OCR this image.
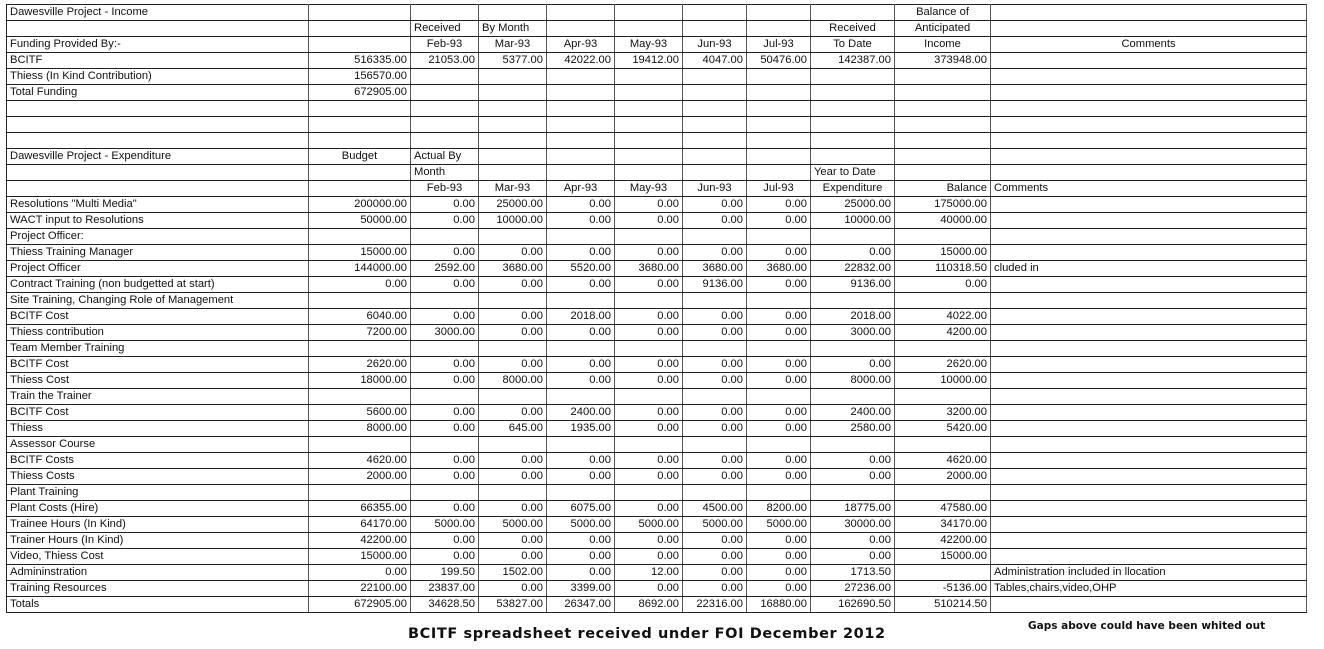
Dawesville Project - Income									Balance of	
		Received	By Month					Received	Anticipated	
Funding Provided By:-		Feb-93	Mar-93	Apr-93	May-93	Jun-93	Jul-93	To Date	Income	Comments
BCITF	516335.00	21053.00	5377.00	42022.00	19412.00	4047.00	50476.00	142387.00	373948.00	
Thiess (In Kind Contribution)	156570.00									
Total Funding	672905.00									

Dawesville Project - Expenditure	Budget	Actual By								
		Month						Year to Date		
		Feb-93	Mar-93	Apr-93	May-93	Jun-93	Jul-93	Expenditure	Balance	Comments
Resolutions "Multi Media"	200000.00	0.00	25000.00	0.00	0.00	0.00	0.00	25000.00	175000.00	
WACT input to Resolutions	50000.00	0.00	10000.00	0.00	0.00	0.00	0.00	10000.00	40000.00	
Project Officer:										
Thiess Training Manager	15000.00	0.00	0.00	0.00	0.00	0.00	0.00	0.00	15000.00	
Project Officer	144000.00	2592.00	3680.00	5520.00	3680.00	3680.00	3680.00	22832.00	110318.50	cluded in
Contract Training (non budgetted at start)	0.00	0.00	0.00	0.00	0.00	9136.00	0.00	9136.00	0.00	
Site Training, Changing Role of Management										
BCITF Cost	6040.00	0.00	0.00	2018.00	0.00	0.00	0.00	2018.00	4022.00	
Thiess contribution	7200.00	3000.00	0.00	0.00	0.00	0.00	0.00	3000.00	4200.00	
Team Member Training										
BCITF Cost	2620.00	0.00	0.00	0.00	0.00	0.00	0.00	0.00	2620.00	
Thiess Cost	18000.00	0.00	8000.00	0.00	0.00	0.00	0.00	8000.00	10000.00	
Train the Trainer										
BCITF Cost	5600.00	0.00	0.00	2400.00	0.00	0.00	0.00	2400.00	3200.00	
Thiess	8000.00	0.00	645.00	1935.00	0.00	0.00	0.00	2580.00	5420.00	
Assessor Course										
BCITF Costs	4620.00	0.00	0.00	0.00	0.00	0.00	0.00	0.00	4620.00	
Thiess Costs	2000.00	0.00	0.00	0.00	0.00	0.00	0.00	0.00	2000.00	
Plant Training										
Plant Costs (Hire)	66355.00	0.00	0.00	6075.00	0.00	4500.00	8200.00	18775.00	47580.00	
Trainee Hours (In Kind)	64170.00	5000.00	5000.00	5000.00	5000.00	5000.00	5000.00	30000.00	34170.00	
Trainer Hours (In Kind)	42200.00	0.00	0.00	0.00	0.00	0.00	0.00	0.00	42200.00	
Video, Thiess Cost	15000.00	0.00	0.00	0.00	0.00	0.00	0.00	0.00	15000.00	
Admininstration	0.00	199.50	1502.00	0.00	12.00	0.00	0.00	1713.50		Administration included in llocation
Training Resources	22100.00	23837.00	0.00	3399.00	0.00	0.00	0.00	27236.00	-5136.00	Tables,chairs,video,OHP
Totals	672905.00	34628.50	53827.00	26347.00	8692.00	22316.00	16880.00	162690.50	510214.50	
BCITF spreadsheet received under FOI December 2012	Gaps above could have been whited out
